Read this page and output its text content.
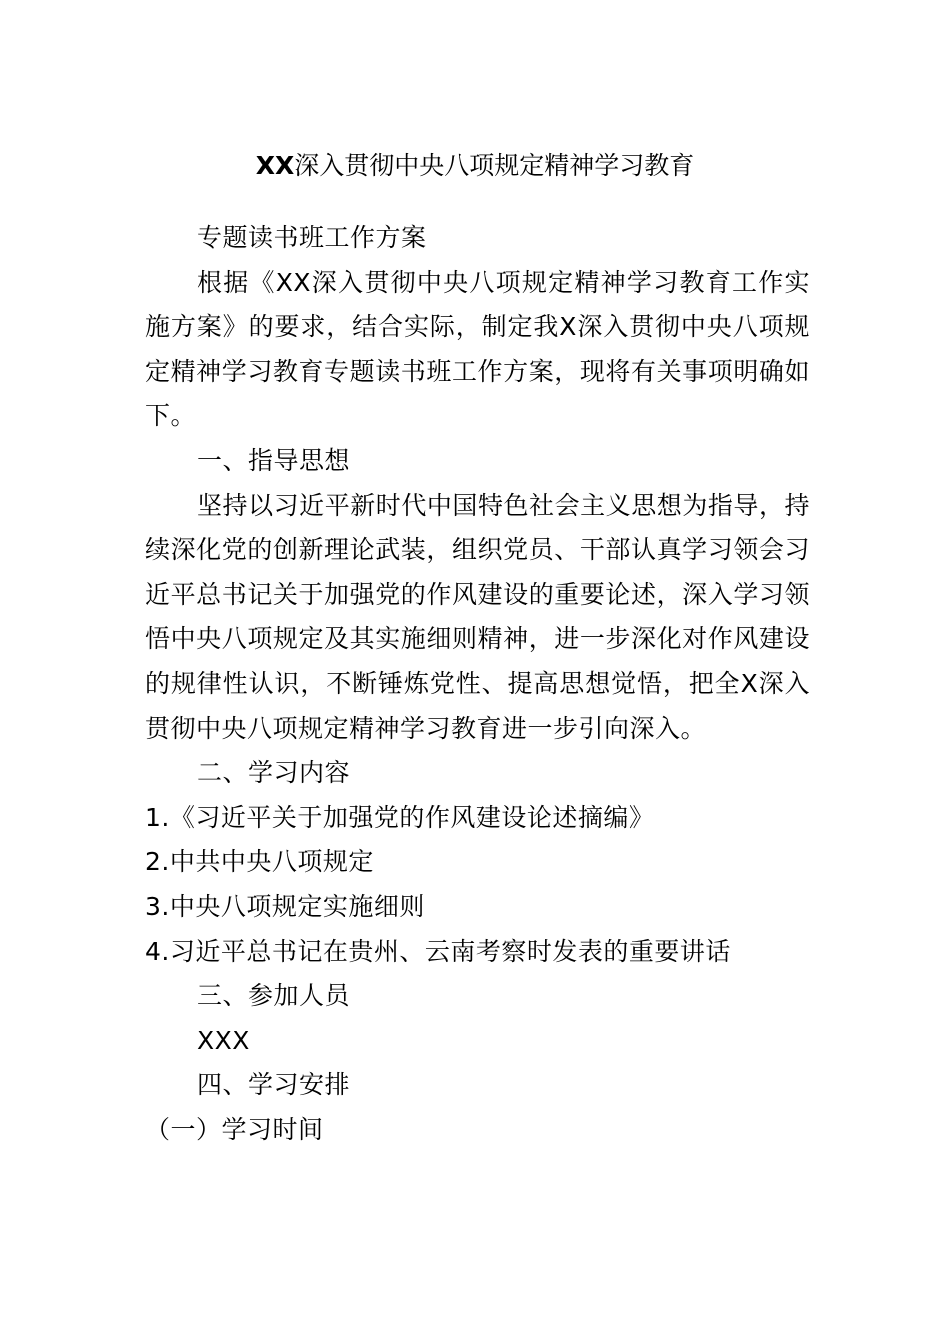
XX深入贯彻中央八项规定精神学习教育

专题读书班工作方案

根据《XX深入贯彻中央八项规定精神学习教育工作实施方案》的要求，结合实际，制定我X深入贯彻中央八项规定精神学习教育专题读书班工作方案，现将有关事项明确如下。

一、指导思想

坚持以习近平新时代中国特色社会主义思想为指导，持续深化党的创新理论武装，组织党员、干部认真学习领会习近平总书记关于加强党的作风建设的重要论述，深入学习领悟中央八项规定及其实施细则精神，进一步深化对作风建设的规律性认识，不断锤炼党性、提高思想觉悟，把全X深入贯彻中央八项规定精神学习教育进一步引向深入。

二、学习内容

1.《习近平关于加强党的作风建设论述摘编》

2.中共中央八项规定

3.中央八项规定实施细则

4.习近平总书记在贵州、云南考察时发表的重要讲话

三、参加人员

XXX

四、学习安排

（一）学习时间
